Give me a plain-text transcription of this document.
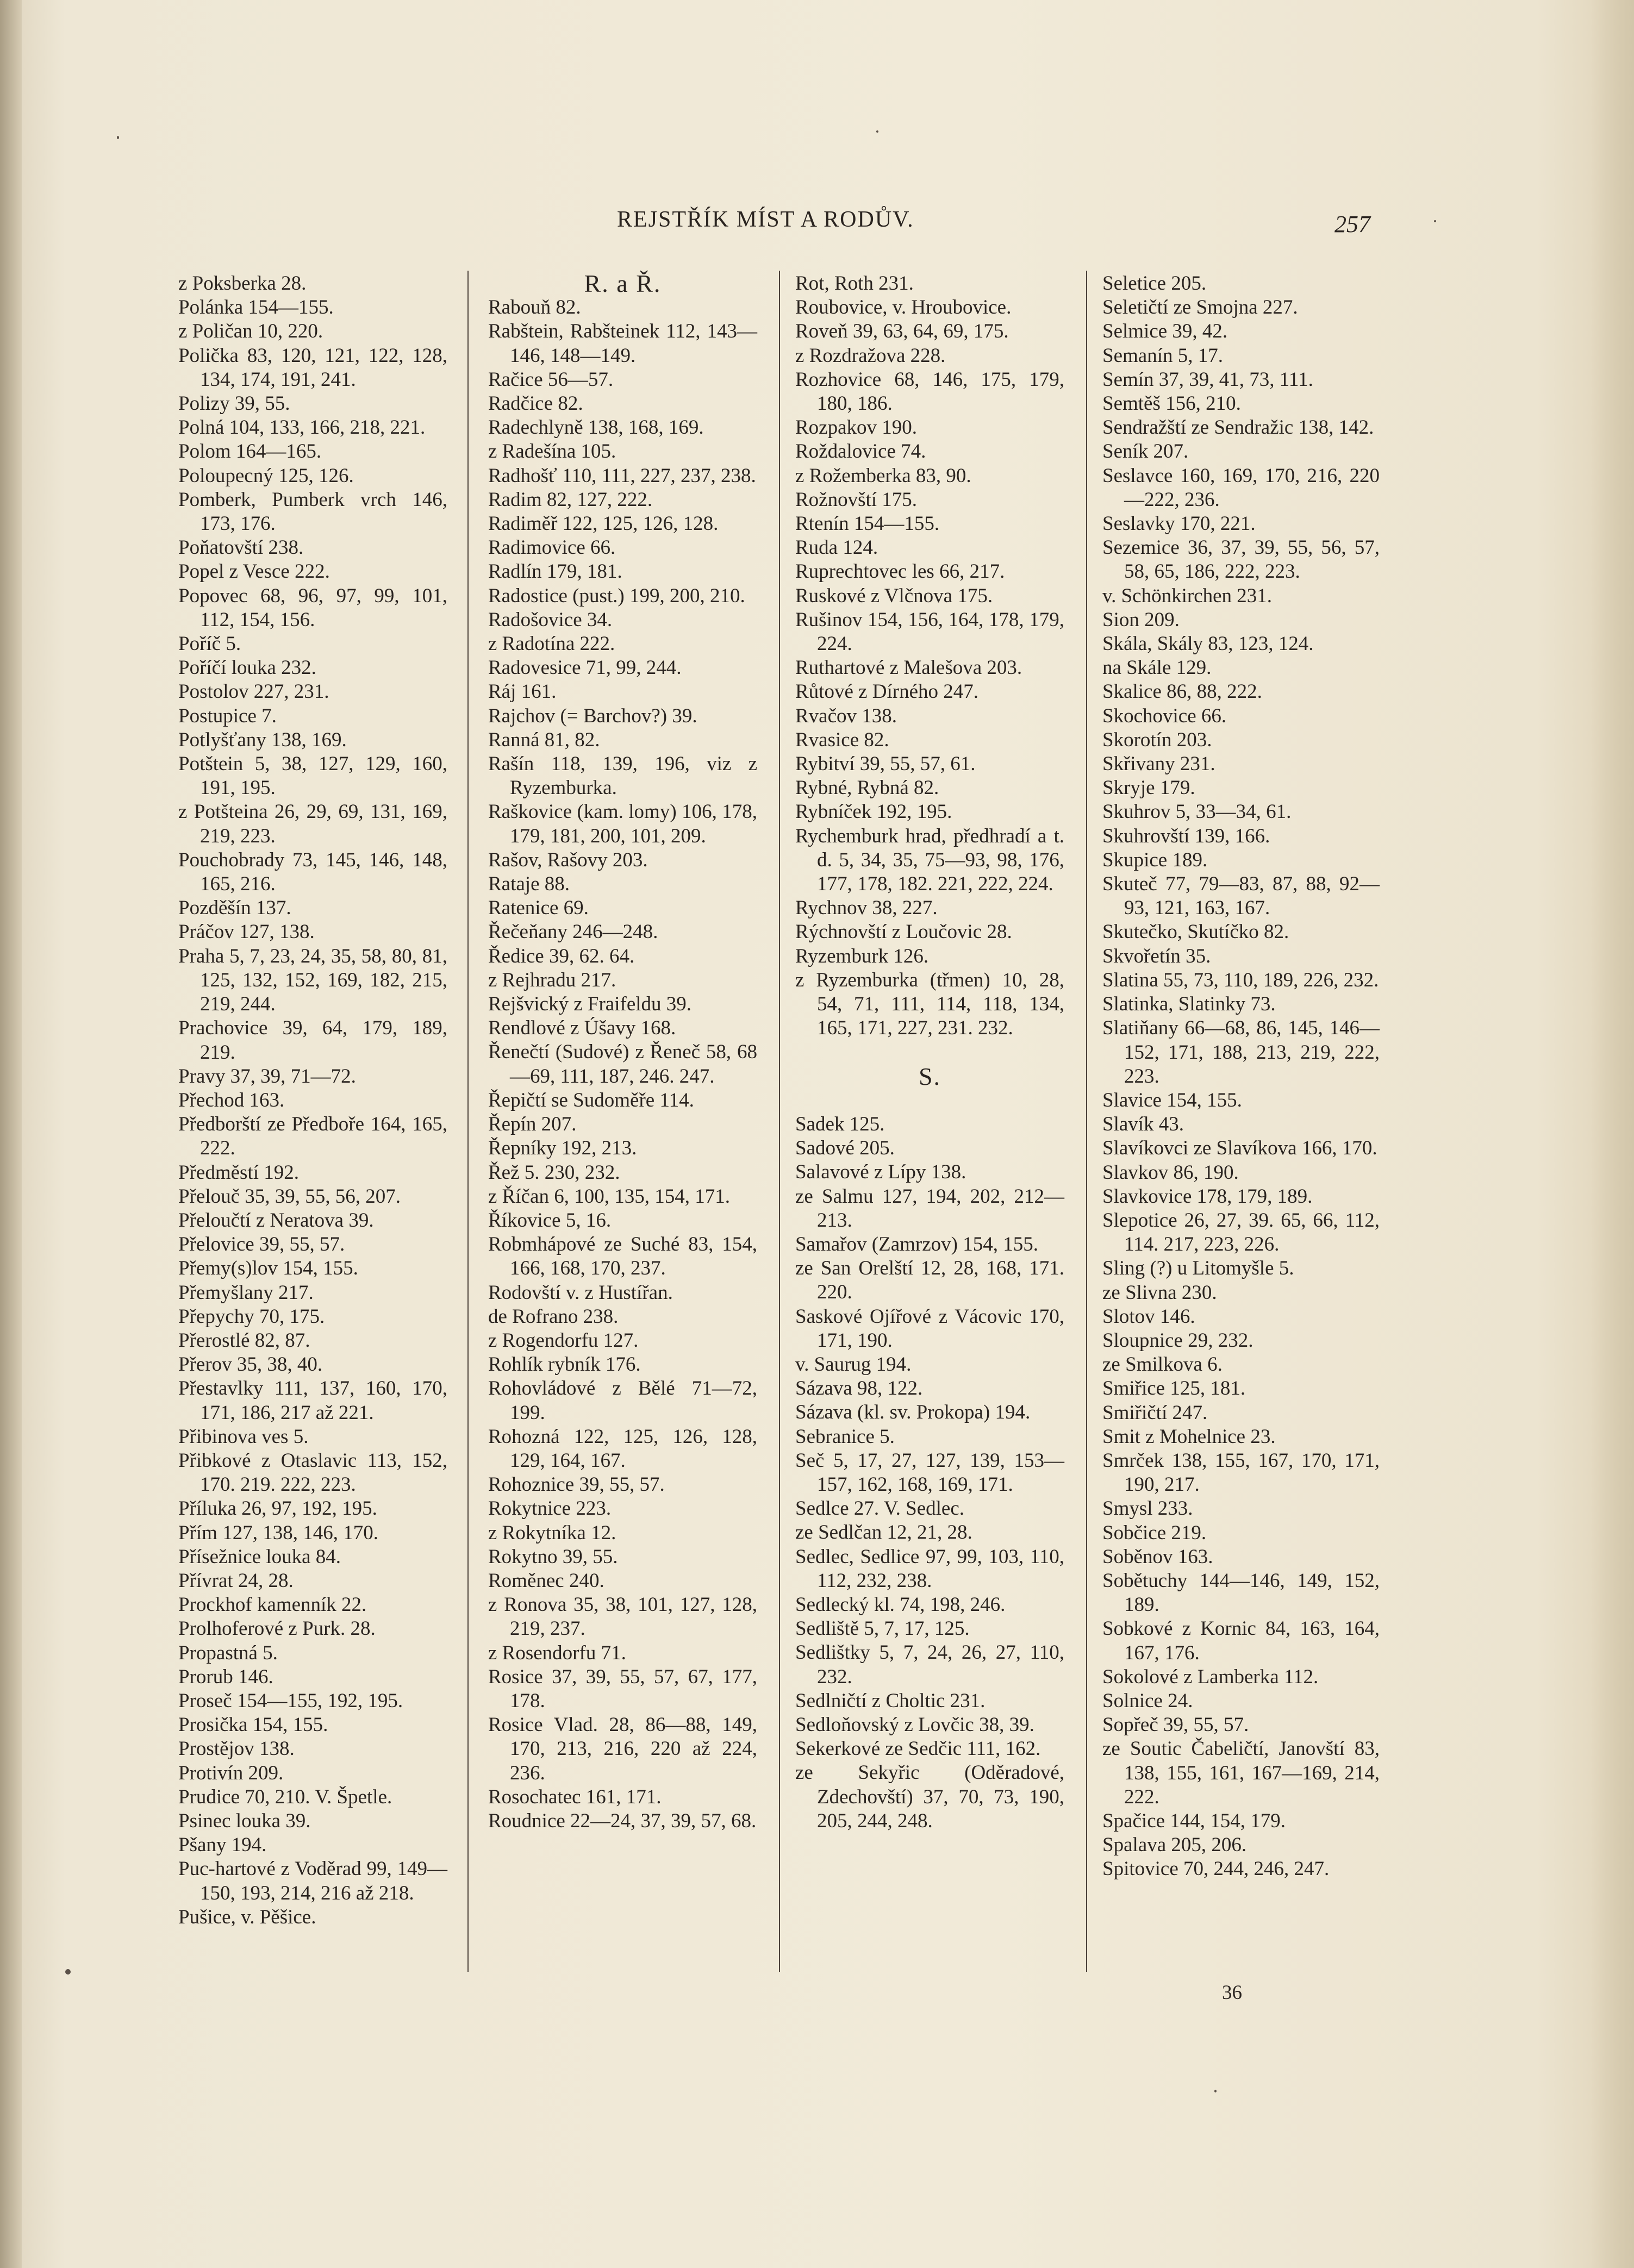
REJSTŘÍK MÍST A RODŮV.	257
z Poksberka 28.
Polánka 154—155.
z Poličan 10, 220.
Polička 83, 120, 121, 122, 128, 134, 174, 191, 241.
Polizy 39, 55.
Polná 104, 133, 166, 218, 221.
Polom 164—165.
Poloupecný 125, 126.
Pomberk, Pumberk vrch 146, 173, 176.
Poňatovští 238.
Popel z Vesce 222.
Popovec 68, 96, 97, 99, 101, 112, 154, 156.
Poříč 5.
Poříčí louka 232.
Postolov 227, 231.
Postupice 7.
Potlyšťany 138, 169.
Potštein 5, 38, 127, 129, 160, 191, 195.
z Potšteina 26, 29, 69, 131, 169, 219, 223.
Pouchobrady 73, 145, 146, 148, 165, 216.
Pozděšín 137.
Práčov 127, 138.
Praha 5, 7, 23, 24, 35, 58, 80, 81, 125, 132, 152, 169, 182, 215, 219, 244.
Prachovice 39, 64, 179, 189, 219.
Pravy 37, 39, 71—72.
Přechod 163.
Předborští ze Předboře 164, 165, 222.
Předměstí 192.
Přelouč 35, 39, 55, 56, 207.
Přeloučtí z Neratova 39.
Přelovice 39, 55, 57.
Přemy(s)lov 154, 155.
Přemyšlany 217.
Přepychy 70, 175.
Přerostlé 82, 87.
Přerov 35, 38, 40.
Přestavlky 111, 137, 160, 170, 171, 186, 217 až 221.
Přibinova ves 5.
Přibkové z Otaslavic 113, 152, 170. 219. 222, 223.
Příluka 26, 97, 192, 195.
Přím 127, 138, 146, 170.
Přísežnice louka 84.
Přívrat 24, 28.
Prockhof kamenník 22.
Prolhoferové z Purk. 28.
Propastná 5.
Prorub 146.
Proseč 154—155, 192, 195.
Prosička 154, 155.
Prostějov 138.
Protivín 209.
Prudice 70, 210. V. Špetle.
Psinec louka 39.
Pšany 194.
Puc-hartové z Voděrad 99, 149—150, 193, 214, 216 až 218.
Pušice, v. Pěšice.
R. a Ř.
Rabouň 82.
Rabštein, Rabšteinek 112, 143—146, 148—149.
Račice 56—57.
Radčice 82.
Radechlyně 138, 168, 169.
z Radešína 105.
Radhošť 110, 111, 227, 237, 238.
Radim 82, 127, 222.
Radiměř 122, 125, 126, 128.
Radimovice 66.
Radlín 179, 181.
Radostice (pust.) 199, 200, 210.
Radošovice 34.
z Radotína 222.
Radovesice 71, 99, 244.
Ráj 161.
Rajchov (= Barchov?) 39.
Ranná 81, 82.
Rašín 118, 139, 196, viz z Ryzemburka.
Raškovice (kam. lomy) 106, 178, 179, 181, 200, 101, 209.
Rašov, Rašovy 203.
Rataje 88.
Ratenice 69.
Řečeňany 246—248.
Ředice 39, 62. 64.
z Rejhradu 217.
Rejšvický z Fraifeldu 39.
Rendlové z Úšavy 168.
Řenečtí (Sudové) z Řeneč 58, 68—69, 111, 187, 246. 247.
Řepičtí se Sudoměře 114.
Řepín 207.
Řepníky 192, 213.
Řež 5. 230, 232.
z Říčan 6, 100, 135, 154, 171.
Říkovice 5, 16.
Robmhápové ze Suché 83, 154, 166, 168, 170, 237.
Rodovští v. z Hustířan.
de Rofrano 238.
z Rogendorfu 127.
Rohlík rybník 176.
Rohovládové z Bělé 71—72, 199.
Rohozná 122, 125, 126, 128, 129, 164, 167.
Rohoznice 39, 55, 57.
Rokytnice 223.
z Rokytníka 12.
Rokytno 39, 55.
Roměnec 240.
z Ronova 35, 38, 101, 127, 128, 219, 237.
z Rosendorfu 71.
Rosice 37, 39, 55, 57, 67, 177, 178.
Rosice Vlad. 28, 86—88, 149, 170, 213, 216, 220 až 224, 236.
Rosochatec 161, 171.
Roudnice 22—24, 37, 39, 57, 68.
Rot, Roth 231.
Roubovice, v. Hroubovice.
Roveň 39, 63, 64, 69, 175.
z Rozdražova 228.
Rozhovice 68, 146, 175, 179, 180, 186.
Rozpakov 190.
Roždalovice 74.
z Rožemberka 83, 90.
Rožnovští 175.
Rtenín 154—155.
Ruda 124.
Ruprechtovec les 66, 217.
Ruskové z Vlčnova 175.
Rušinov 154, 156, 164, 178, 179, 224.
Ruthartové z Malešova 203.
Růtové z Dírného 247.
Rvačov 138.
Rvasice 82.
Rybitví 39, 55, 57, 61.
Rybné, Rybná 82.
Rybníček 192, 195.
Rychemburk hrad, předhradí a t. d. 5, 34, 35, 75—93, 98, 176, 177, 178, 182. 221, 222, 224.
Rychnov 38, 227.
Rýchnovští z Loučovic 28.
Ryzemburk 126.
z Ryzemburka (třmen) 10, 28, 54, 71, 111, 114, 118, 134, 165, 171, 227, 231. 232.
S.
Sadek 125.
Sadové 205.
Salavové z Lípy 138.
ze Salmu 127, 194, 202, 212—213.
Samařov (Zamrzov) 154, 155.
ze San Orelští 12, 28, 168, 171. 220.
Saskové Ojířové z Vácovic 170, 171, 190.
v. Saurug 194.
Sázava 98, 122.
Sázava (kl. sv. Prokopa) 194.
Sebranice 5.
Seč 5, 17, 27, 127, 139, 153—157, 162, 168, 169, 171.
Sedlce 27. V. Sedlec.
ze Sedlčan 12, 21, 28.
Sedlec, Sedlice 97, 99, 103, 110, 112, 232, 238.
Sedlecký kl. 74, 198, 246.
Sedliště 5, 7, 17, 125.
Sedlištky 5, 7, 24, 26, 27, 110, 232.
Sedlničtí z Choltic 231.
Sedloňovský z Lovčic 38, 39.
Sekerkové ze Sedčic 111, 162.
ze Sekyřic (Oděradové, Zdechovští) 37, 70, 73, 190, 205, 244, 248.
Seletice 205.
Seletičtí ze Smojna 227.
Selmice 39, 42.
Semanín 5, 17.
Semín 37, 39, 41, 73, 111.
Semtěš 156, 210.
Sendražští ze Sendražic 138, 142.
Seník 207.
Seslavce 160, 169, 170, 216, 220—222, 236.
Seslavky 170, 221.
Sezemice 36, 37, 39, 55, 56, 57, 58, 65, 186, 222, 223.
v. Schönkirchen 231.
Sion 209.
Skála, Skály 83, 123, 124.
na Skále 129.
Skalice 86, 88, 222.
Skochovice 66.
Skorotín 203.
Skřivany 231.
Skryje 179.
Skuhrov 5, 33—34, 61.
Skuhrovští 139, 166.
Skupice 189.
Skuteč 77, 79—83, 87, 88, 92—93, 121, 163, 167.
Skutečko, Skutíčko 82.
Skvořetín 35.
Slatina 55, 73, 110, 189, 226, 232.
Slatinka, Slatinky 73.
Slatiňany 66—68, 86, 145, 146—152, 171, 188, 213, 219, 222, 223.
Slavice 154, 155.
Slavík 43.
Slavíkovci ze Slavíkova 166, 170.
Slavkov 86, 190.
Slavkovice 178, 179, 189.
Slepotice 26, 27, 39. 65, 66, 112, 114. 217, 223, 226.
Sling (?) u Litomyšle 5.
ze Slivna 230.
Slotov 146.
Sloupnice 29, 232.
ze Smilkova 6.
Smiřice 125, 181.
Smiřičtí 247.
Smit z Mohelnice 23.
Smrček 138, 155, 167, 170, 171, 190, 217.
Smysl 233.
Sobčice 219.
Soběnov 163.
Sobětuchy 144—146, 149, 152, 189.
Sobkové z Kornic 84, 163, 164, 167, 176.
Sokolové z Lamberka 112.
Solnice 24.
Sopřeč 39, 55, 57.
ze Soutic Čabeličtí, Janovští 83, 138, 155, 161, 167—169, 214, 222.
Spačice 144, 154, 179.
Spalava 205, 206.
Spitovice 70, 244, 246, 247.
36
